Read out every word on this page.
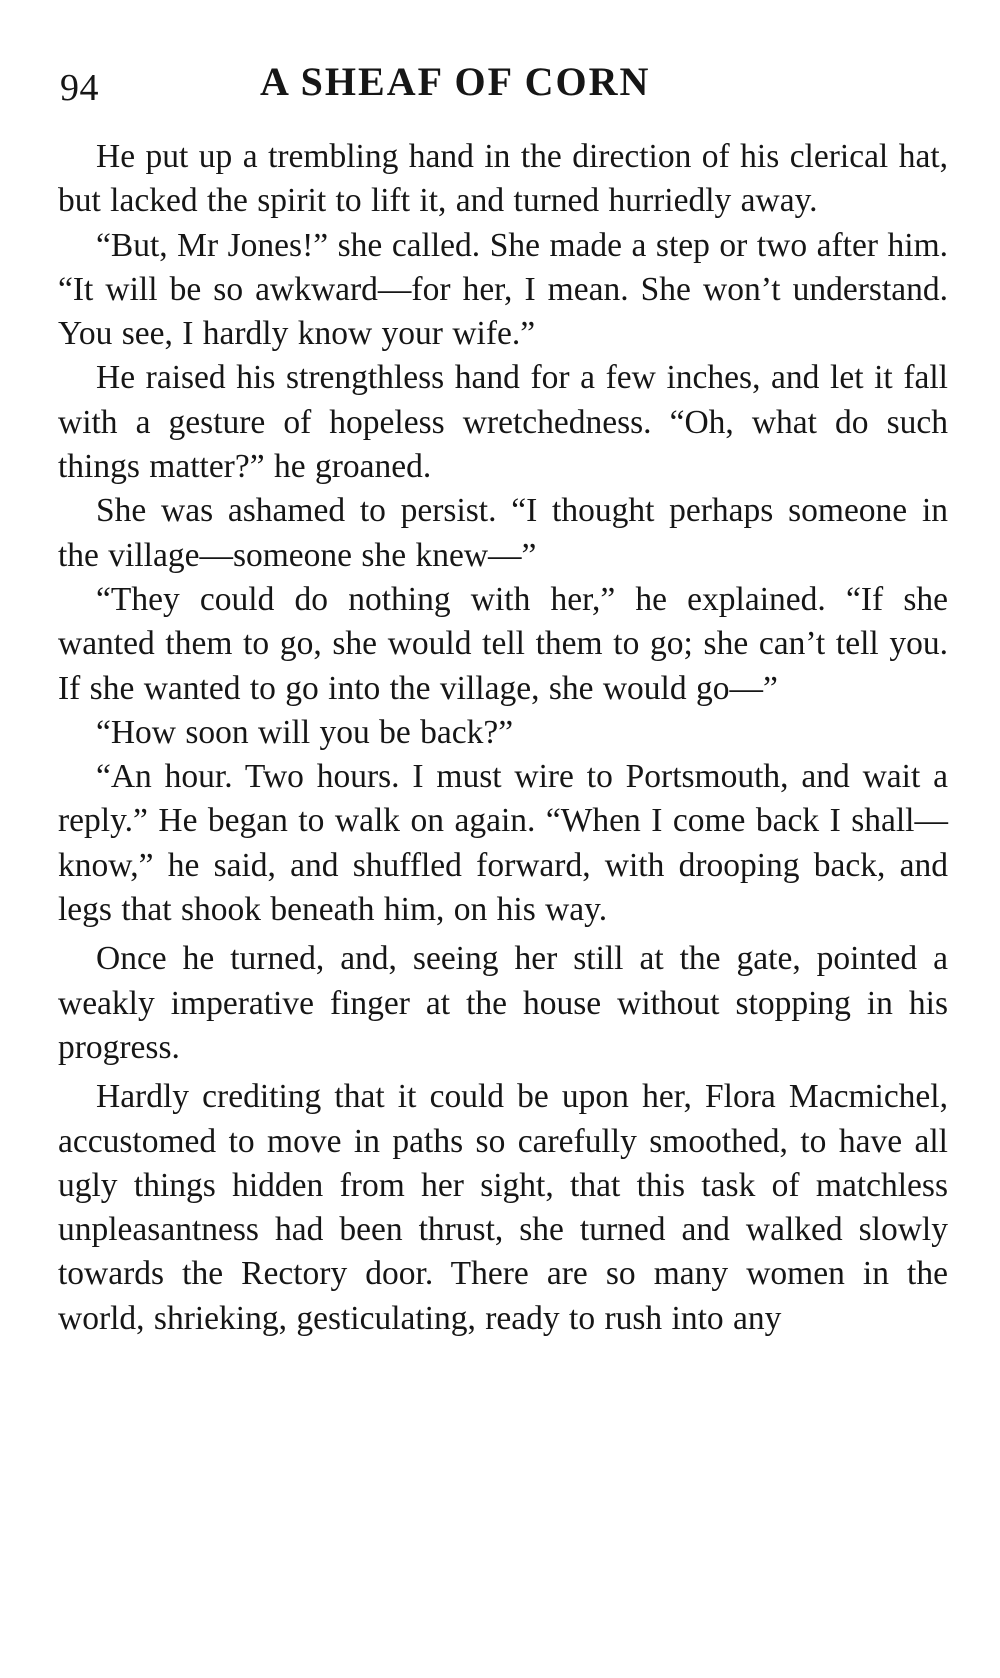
94	A SHEAF OF CORN

He put up a trembling hand in the direction of his clerical hat, but lacked the spirit to lift it, and turned hurriedly away.

“But, Mr Jones!” she called. She made a step or two after him. “It will be so awkward—for her, I mean. She won’t understand. You see, I hardly know your wife.”

He raised his strengthless hand for a few inches, and let it fall with a gesture of hopeless wretchedness. “Oh, what do such things matter?” he groaned.

She was ashamed to persist. “I thought perhaps someone in the village—someone she knew—”

“They could do nothing with her,” he explained. “If she wanted them to go, she would tell them to go; she can’t tell you. If she wanted to go into the village, she would go—”

“How soon will you be back?”

“An hour. Two hours. I must wire to Portsmouth, and wait a reply.” He began to walk on again. “When I come back I shall—know,” he said, and shuffled forward, with drooping back, and legs that shook beneath him, on his way.

Once he turned, and, seeing her still at the gate, pointed a weakly imperative finger at the house without stopping in his progress.

Hardly crediting that it could be upon her, Flora Macmichel, accustomed to move in paths so carefully smoothed, to have all ugly things hidden from her sight, that this task of matchless unpleasantness had been thrust, she turned and walked slowly towards the Rectory door. There are so many women in the world, shrieking, gesticulating, ready to rush into any
